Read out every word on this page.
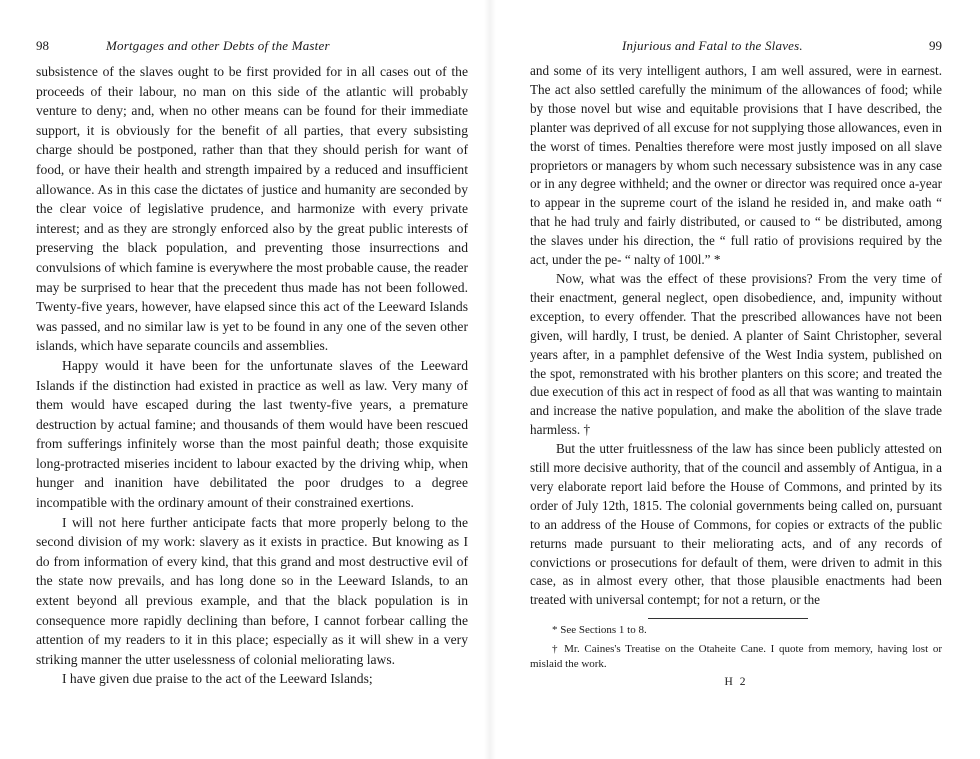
98	Mortgages and other Debts of the Master

subsistence of the slaves ought to be first provided for in all cases out of the proceeds of their labour, no man on this side of the atlantic will probably venture to deny; and, when no other means can be found for their immediate support, it is obviously for the benefit of all parties, that every subsisting charge should be postponed, rather than that they should perish for want of food, or have their health and strength impaired by a reduced and insufficient allowance. As in this case the dictates of justice and humanity are seconded by the clear voice of legislative prudence, and harmonize with every private interest; and as they are strongly enforced also by the great public interests of preserving the black population, and preventing those insurrections and convulsions of which famine is everywhere the most probable cause, the reader may be surprised to hear that the precedent thus made has not been followed. Twenty-five years, however, have elapsed since this act of the Leeward Islands was passed, and no similar law is yet to be found in any one of the seven other islands, which have separate councils and assemblies.

Happy would it have been for the unfortunate slaves of the Leeward Islands if the distinction had existed in practice as well as law. Very many of them would have escaped during the last twenty-five years, a premature destruction by actual famine; and thousands of them would have been rescued from sufferings infinitely worse than the most painful death; those exquisite long-protracted miseries incident to labour exacted by the driving whip, when hunger and inanition have debilitated the poor drudges to a degree incompatible with the ordinary amount of their constrained exertions.

I will not here further anticipate facts that more properly belong to the second division of my work: slavery as it exists in practice. But knowing as I do from information of every kind, that this grand and most destructive evil of the state now prevails, and has long done so in the Leeward Islands, to an extent beyond all previous example, and that the black population is in consequence more rapidly declining than before, I cannot forbear calling the attention of my readers to it in this place; especially as it will shew in a very striking manner the utter uselessness of colonial meliorating laws.

I have given due praise to the act of the Leeward Islands;

Injurious and Fatal to the Slaves.	99

and some of its very intelligent authors, I am well assured, were in earnest. The act also settled carefully the minimum of the allowances of food; while by those novel but wise and equitable provisions that I have described, the planter was deprived of all excuse for not supplying those allowances, even in the worst of times. Penalties therefore were most justly imposed on all slave proprietors or managers by whom such necessary subsistence was in any case or in any degree withheld; and the owner or director was required once a-year to appear in the supreme court of the island he resided in, and make oath “ that he had truly and fairly distributed, or caused to “ be distributed, among the slaves under his direction, the “ full ratio of provisions required by the act, under the pe- “ nalty of 100l.” *

Now, what was the effect of these provisions? From the very time of their enactment, general neglect, open disobedience, and, impunity without exception, to every offender. That the prescribed allowances have not been given, will hardly, I trust, be denied. A planter of Saint Christopher, several years after, in a pamphlet defensive of the West India system, published on the spot, remonstrated with his brother planters on this score; and treated the due execution of this act in respect of food as all that was wanting to maintain and increase the native population, and make the abolition of the slave trade harmless. †

But the utter fruitlessness of the law has since been publicly attested on still more decisive authority, that of the council and assembly of Antigua, in a very elaborate report laid before the House of Commons, and printed by its order of July 12th, 1815. The colonial governments being called on, pursuant to an address of the House of Commons, for copies or extracts of the public returns made pursuant to their meliorating acts, and of any records of convictions or prosecutions for default of them, were driven to admit in this case, as in almost every other, that those plausible enactments had been treated with universal contempt; for not a return, or the

* See Sections 1 to 8.

† Mr. Caines's Treatise on the Otaheite Cane. I quote from memory, having lost or mislaid the work.

H 2
